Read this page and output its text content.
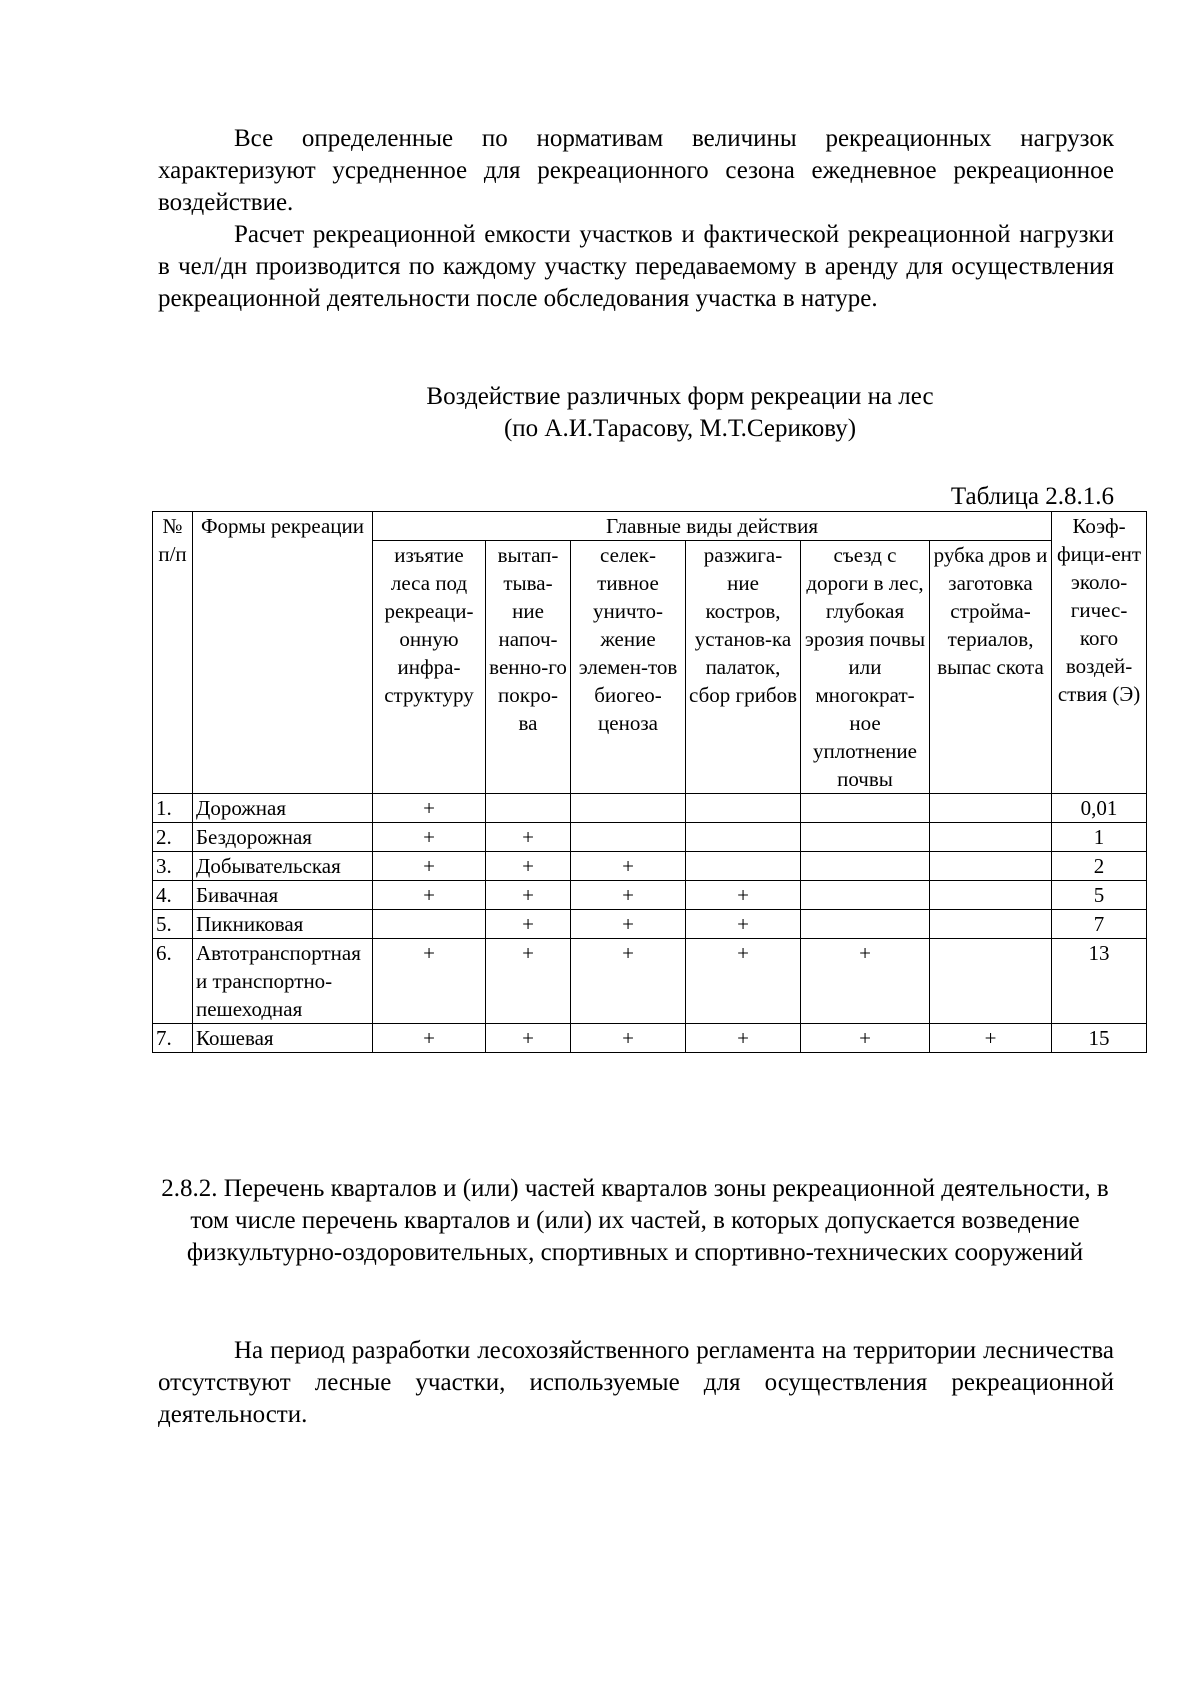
Все определенные по нормативам величины рекреационных нагрузок характеризуют усредненное для рекреационного сезона ежедневное рекреационное воздействие.

Расчет рекреационной емкости участков и фактической рекреационной нагрузки в чел/дн производится по каждому участку передаваемому в аренду для осуществления рекреационной деятельности после обследования участка в натуре.

Воздействие различных форм рекреации на лес

(по А.И.Тарасову, М.Т.Серикову)

Таблица 2.8.1.6
№ п/п	Формы рекреации	Главные виды действия						Коэф-фици-ент эколо-гичес-кого воздей-ствия (Э)
		изъятие леса под рекреаци-онную инфра-структуру	вытап-тыва-ние напоч-венно-го покро-ва	селек-тивное уничто-жение элемен-тов биогео-ценоза	разжига-ние костров, установ-ка палаток, сбор грибов	съезд с дороги в лес, глубокая эрозия почвы или многократ-ное уплотнение почвы	рубка дров и заготовка стройма-териалов, выпас скота	
1.	Дорожная	+						0,01
2.	Бездорожная	+	+					1
3.	Добывательская	+	+	+				2
4.	Бивачная	+	+	+	+			5
5.	Пикниковая		+	+	+			7
6.	Автотранспортная и транспортно-пешеходная	+	+	+	+	+		13
7.	Кошевая	+	+	+	+	+	+	15

2.8.2. Перечень кварталов и (или) частей кварталов зоны рекреационной деятельности, в том числе перечень кварталов и (или) их частей, в которых допускается возведение физкультурно-оздоровительных, спортивных и спортивно-технических сооружений

На период разработки лесохозяйственного регламента на территории лесничества отсутствуют лесные участки, используемые для осуществления рекреационной деятельности.
